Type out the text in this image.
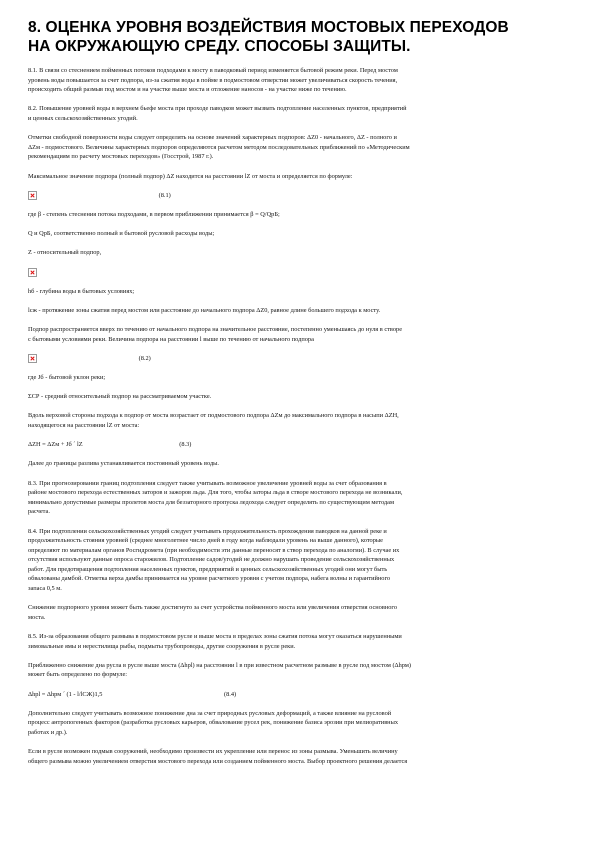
8. ОЦЕНКА УРОВНЯ ВОЗДЕЙСТВИЯ МОСТОВЫХ ПЕРЕХОДОВ
НА ОКРУЖАЮЩУЮ СРЕДУ. СПОСОБЫ ЗАЩИТЫ.

8.1. В связи со стеснением пойменных потоков подходами к мосту в паводковый период изменяется бытовой режим реки. Перед мостом
уровень воды повышается за счет подпора, из-за сжатия воды в пойме в подмостовом отверстии может увеличиваться скорость течения,
происходить общий размыв под мостом и на участке выше моста и отложение наносов - на участке ниже по течению.

8.2. Повышение уровней воды в верхнем бьефе моста при проходе паводков может вызвать подтопление населенных пунктов, предприятий
и ценных сельскохозяйственных угодий.

Отметки свободной поверхности воды следует определять на основе значений характерных подпоров: ΔZ0 - начального, ΔZ - полного и
ΔZм - подмостового. Величины характерных подпоров определяются расчетом методом последовательных приближений по «Методическим
рекомендациям по расчету мостовых переходов» (Госстрой, 1987 г.).

Максимальное значение подпора (полный подпор) ΔZ находится на расстоянии lZ от моста и определяется по формуле:

(8.1)

где β - степень стеснения потока подходами, в первом приближении принимается β = Q/QрБ;

Q и QрБ, соответственно полный и бытовой русловой расходы воды;

Z - относительный подпор,

hб - глубина воды в бытовых условиях;

lсж - протяжение зоны сжатия перед мостом или расстояние до начального подпора ΔZ0, равное длине большего подхода к мосту.

Подпор распространяется вверх по течению от начального подпора на значительное расстояние, постепенно уменьшаясь до нуля в створе
с бытовыми условиями реки. Величина подпора на расстоянии l выше по течению от начального подпора

(8.2)

где Jб - бытовой уклон реки;

ΣСР - средний относительный подпор на рассматриваемом участке.

Вдоль верховой стороны подхода к подпор от моста возрастает от подмостового подпора ΔZм до максимального подпора в насыпи ΔZН,
находящегося на расстоянии lZ от моста:

ΔZН = ΔZм + Jб ´ lZ	(8.3)

Далее до границы разлива устанавливается постоянный уровень воды.

8.3. При прогнозировании границ подтопления следует также учитывать возможное увеличение уровней воды за счет образования в
районе мостового перехода естественных заторов и зажоров льда. Для того, чтобы заторы льда в створе мостового перехода не возникали,
минимально допустимые размеры пролетов моста для беззаторного пропуска ледохода следует определять по существующим методам
расчета.

8.4. При подтоплении сельскохозяйственных угодий следует учитывать продолжительность прохождения паводков на данной реке и
продолжительность стояния уровней (среднее многолетнее число дней в году когда наблюдали уровень на выше данного), которые
определяют по материалам органов Росгидромета (при необходимости эти данные переносят в створ перехода по аналогии). В случае их
отсутствия используют данные опроса старожилов. Подтопление садов/угодий не должно нарушать проведение сельскохозяйственных
работ. Для предотвращения подтопления населенных пунктов, предприятий и ценных сельскохозяйственных угодий они могут быть
обвалованы дамбой. Отметка верха дамбы принимается на уровне расчетного уровня с учетом подпора, набега волны и гарантийного
запаса 0,5 м.

Снижение подпорного уровня может быть также достигнуто за счет устройства пойменного моста или увеличения отверстия основного
моста.

8.5. Из-за образования общего размыва в подмостовом русле и выше моста в пределах зоны сжатия потока могут оказаться нарушенными
зимовальные ямы и нерестилища рыбы, подмыты трубопроводы, другие сооружения в русле реки.

Приближенно снижение дна русла в русле выше моста (Δhрl) на расстоянии l в при известном расчетном размыве в русле под мостом (Δhрм)
может быть определено по формуле:

Δhрl = Δhрм ´ (1 - l/lСЖ)1,5	(8.4)

Дополнительно следует учитывать возможное понижение дна за счет природных русловых деформаций, а также влияние на русловой
процесс антропогенных факторов (разработка русловых карьеров, обвалование русел рек, понижение базиса эрозии при мелиоративных
работах и др.).

Если в русле возможен подмыв сооружений, необходимо произвести их укрепление или перенос из зоны размыва. Уменьшить величину
общего размыва можно увеличением отверстия мостового перехода или созданием пойменного моста. Выбор проектного решения делается
